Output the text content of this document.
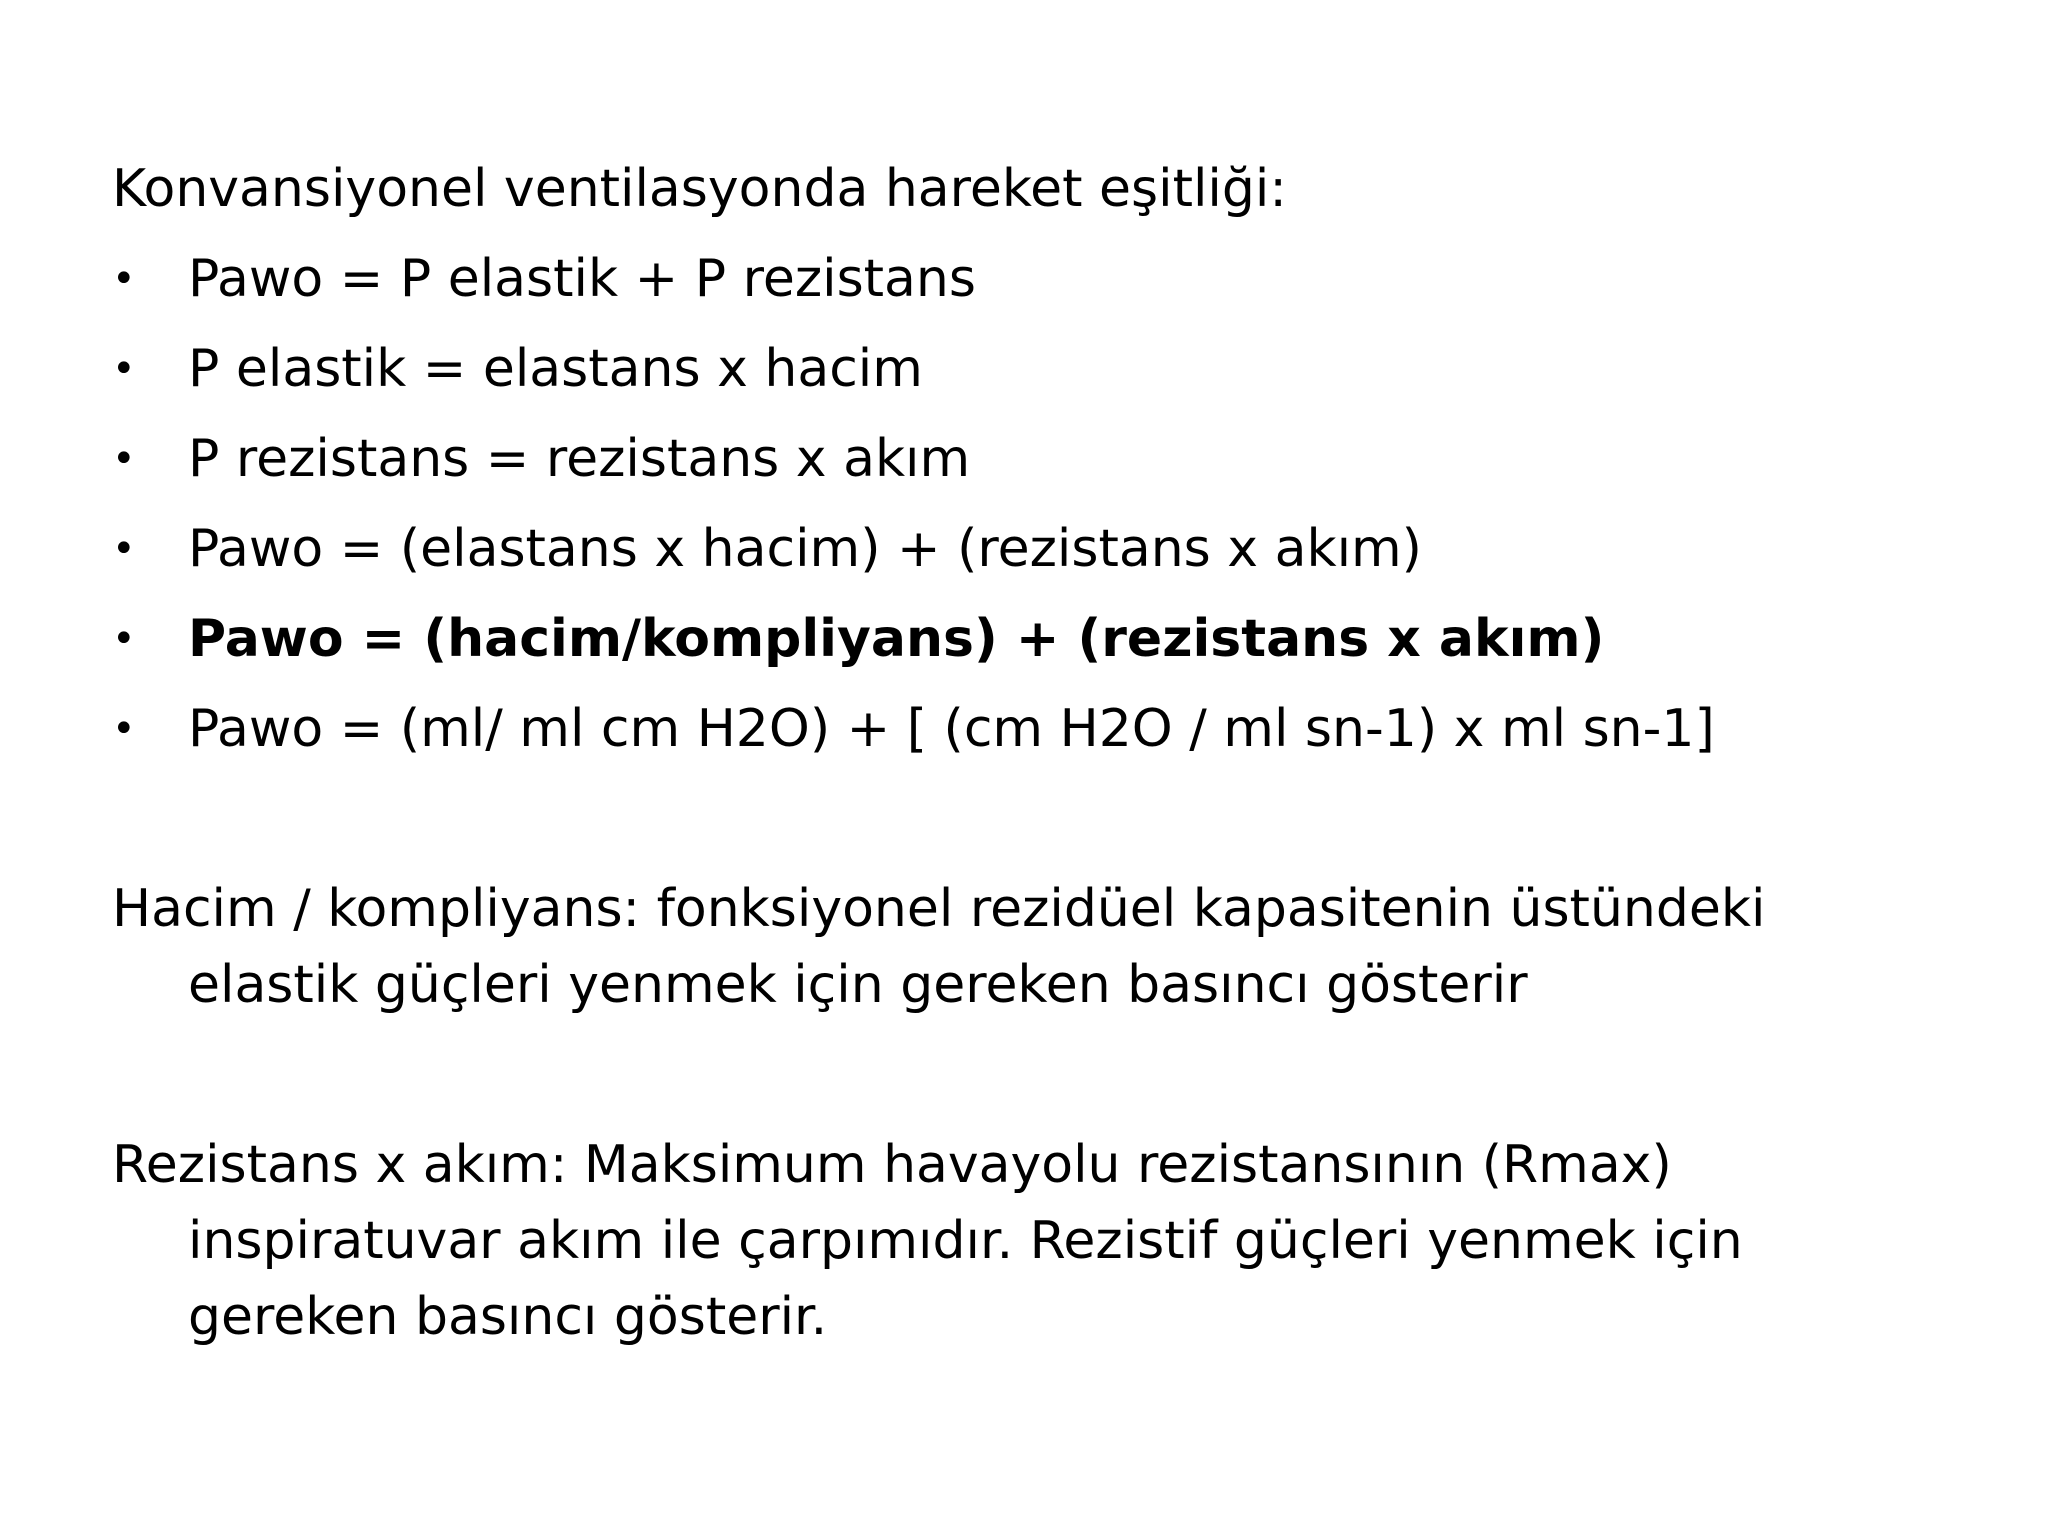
Konvansiyonel ventilasyonda hareket eşitliği:
• Pawo = P elastik + P rezistans
• P elastik = elastans x hacim
• P rezistans = rezistans x akım
• Pawo = (elastans x hacim) + (rezistans x akım)
• Pawo = (hacim/kompliyans) + (rezistans x akım)
• Pawo = (ml/ ml cm H2O) + [ (cm H2O / ml sn-1) x ml sn-1]
Hacim / kompliyans: fonksiyonel rezidüel kapasitenin üstündeki
elastik güçleri yenmek için gereken basıncı gösterir
Rezistans x akım: Maksimum havayolu rezistansının (Rmax)
inspiratuvar akım ile çarpımıdır. Rezistif güçleri yenmek için
gereken basıncı gösterir.
